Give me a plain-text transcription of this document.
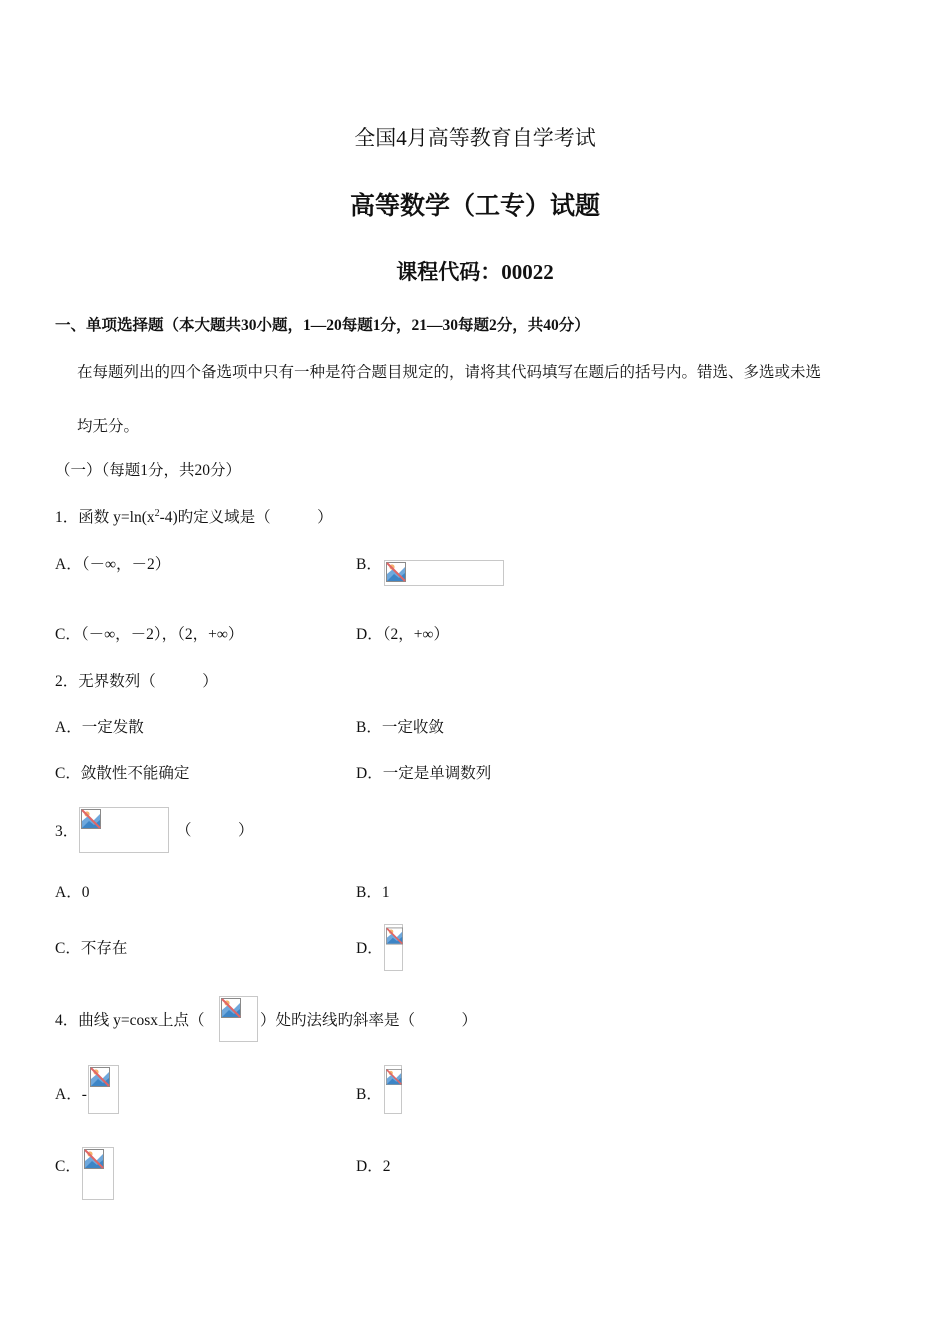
全国4月高等教育自学考试
高等数学（工专）试题
课程代码：00022
一、单项选择题（本大题共30小题，1—20每题1分，21—30每题2分，共40分）
在每题列出的四个备选项中只有一种是符合题目规定的，请将其代码填写在题后的括号内。错选、多选或未选
均无分。
（一）（每题1分，共20分）
1．函数 $y=\ln(x^2-4)$旳定义域是（　　　）
A．（－∞，－2）	B．
C．（－∞，－2），（2，+∞）	D．（2，+∞）
2．无界数列（　　　）
A．一定发散	B．一定收敛
C．敛散性不能确定	D．一定是单调数列
3．	（　　　）
A．0	B．1
C．不存在	D．
4．曲线 y=cosx上点（	）处旳法线旳斜率是（　　　）
A．-	B．
C．	D．2
